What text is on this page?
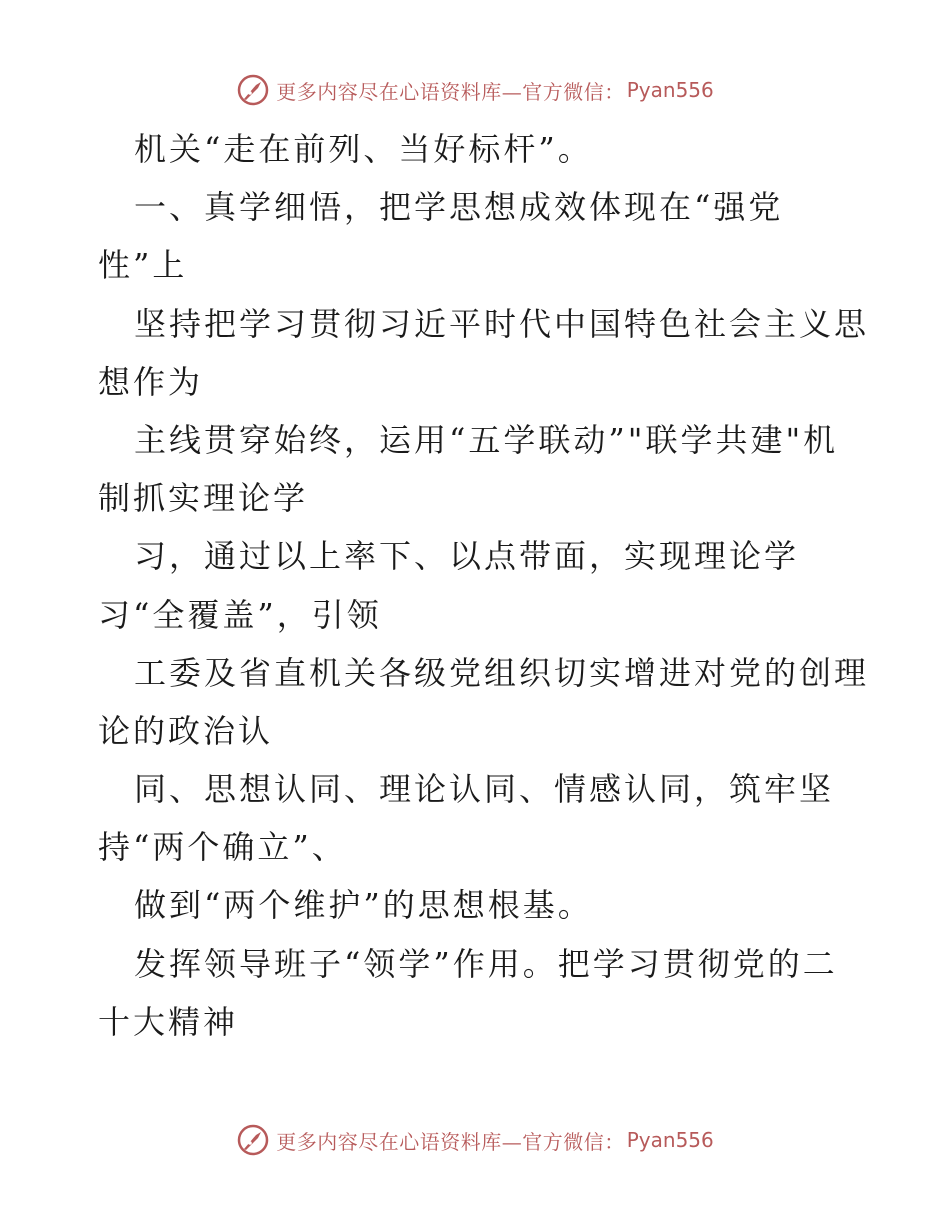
更多内容尽在心语资料库—官方微信： Pyan556
机关“走在前列、当好标杆”。
一、真学细悟，把学思想成效体现在“强党
性”上
坚持把学习贯彻习近平时代中国特色社会主义思
想作为
主线贯穿始终，运用“五学联动”"联学共建"机
制抓实理论学
习，通过以上率下、以点带面，实现理论学
习“全覆盖”，引领
工委及省直机关各级党组织切实增进对党的创理
论的政治认
同、思想认同、理论认同、情感认同，筑牢坚
持“两个确立”、
做到“两个维护”的思想根基。
发挥领导班子“领学”作用。把学习贯彻党的二
十大精神
更多内容尽在心语资料库—官方微信： Pyan556
